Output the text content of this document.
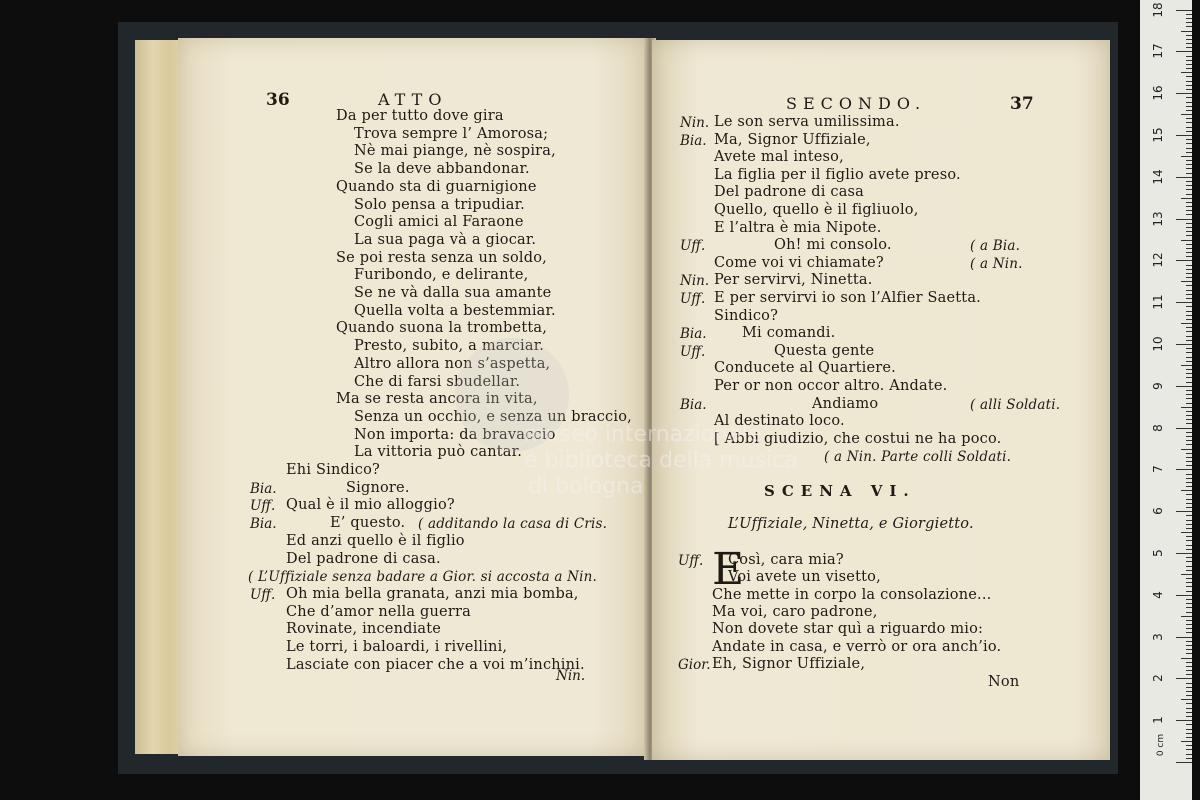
36	ATTO
Da per tutto dove gira
Trova sempre l’ Amorosa;
Nè mai piange, nè sospira,
Se la deve abbandonar.
Quando sta di guarnigione
Solo pensa a tripudiar.
Cogli amici al Faraone
La sua paga và a giocar.
Se poi resta senza un soldo,
Furibondo, e delirante,
Se ne và dalla sua amante
Quella volta a bestemmiar.
Quando suona la trombetta,
Presto, subito, a marciar.
Altro allora non s’aspetta,
Che di farsi sbudellar.
Ma se resta ancora in vita,
Senza un occhio, e senza un braccio,
Non importa: da bravaccio
La vittoria può cantar.
Ehi Sindico?
Bia.	Signore.
Uff. Qual è il mio alloggio?
Bia.	E’ questo. ( additando la casa di Cris.
Ed anzi quello è il figlio
Del padrone di casa.
( L’Uffiziale senza badare a Gior. si accosta a Nin.
Uff. Oh mia bella granata, anzi mia bomba,
Che d’amor nella guerra
Rovinate, incendiate
Le torri, i baloardi, i rivellini,
Lasciate con piacer che a voi m’inchini.
Nin.
SECONDO.	37
Nin. Le son serva umilissima.
Bia. Ma, Signor Uffiziale,
Avete mal inteso,
La figlia per il figlio avete preso.
Del padrone di casa
Quello, quello è il figliuolo,
E l’altra è mia Nipote.
Uff.	Oh! mi consolo.	( a Bia.
Come voi vi chiamate?	( a Nin.
Nin. Per servirvi, Ninetta.
Uff. E per servirvi io son l’Alfier Saetta.
Sindico?
Bia. Mi comandi.
Uff.	Questa gente
Conducete al Quartiere.
Per or non occor altro. Andate.
Bia.	Andiamo	( alli Soldati.
Al destinato loco.
[ Abbi giudizio, che costui ne ha poco.
( a Nin. Parte colli Soldati.
SCENA VI.
L’Uffiziale, Ninetta, e Giorgietto.
E
Uff. Così, cara mia?
Voi avete un visetto,
Che mette in corpo la consolazione...
Ma voi, caro padrone,
Non dovete star quì a riguardo mio:
Andate in casa, e verrò or ora anch’io.
Gior. Eh, Signor Uffiziale,
Non
museo internazionale
e biblioteca della musica
di bologna
1
2
3
4
5
6
7
8
9
10
11
12
13
14
15
16
17
18
0 cm
